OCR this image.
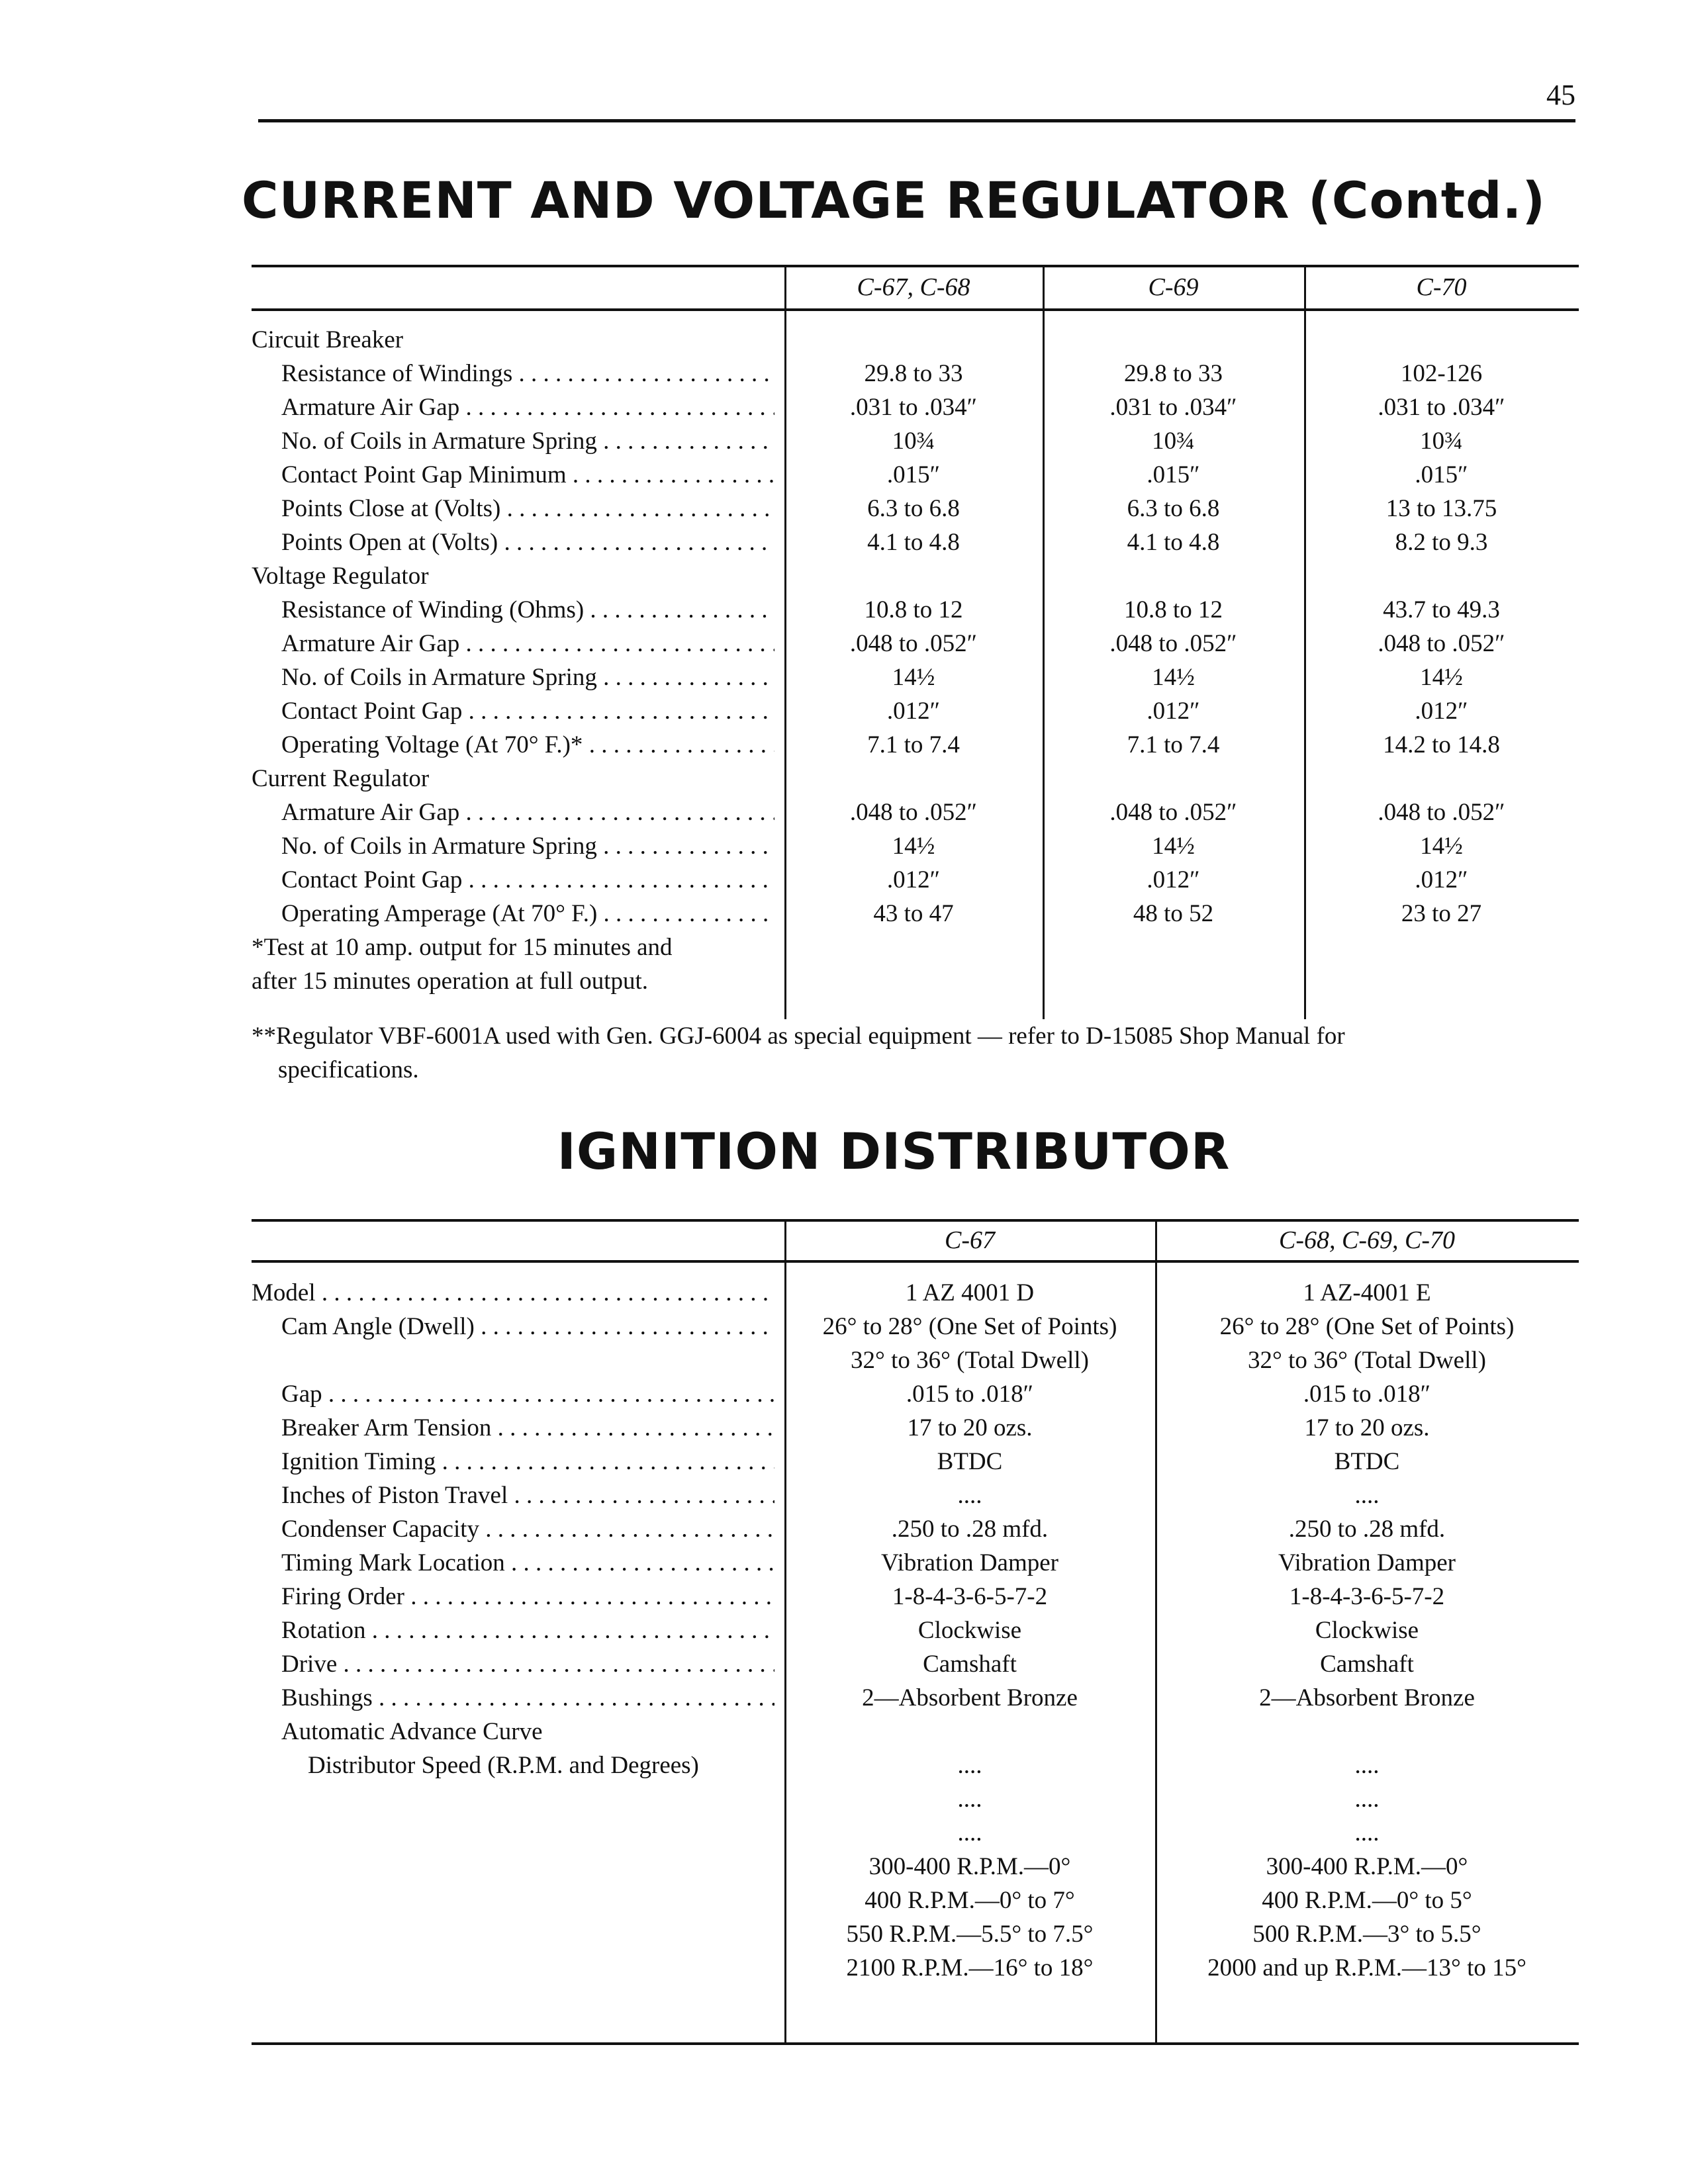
45
CURRENT AND VOLTAGE REGULATOR (Contd.)
C-67, C-68	C-69	C-70
Circuit Breaker
Resistance of Windings . . .	29.8 to 33	29.8 to 33	102-126
Armature Air Gap . . .	.031 to .034″	.031 to .034″	.031 to .034″
No. of Coils in Armature Spring . . .	10¾	10¾	10¾
Contact Point Gap Minimum . . .	.015″	.015″	.015″
Points Close at (Volts) . . .	6.3 to 6.8	6.3 to 6.8	13 to 13.75
Points Open at (Volts) . . .	4.1 to 4.8	4.1 to 4.8	8.2 to 9.3
Voltage Regulator
Resistance of Winding (Ohms) . . .	10.8 to 12	10.8 to 12	43.7 to 49.3
Armature Air Gap . . .	.048 to .052″	.048 to .052″	.048 to .052″
No. of Coils in Armature Spring . . .	14½	14½	14½
Contact Point Gap . . .	.012″	.012″	.012″
Operating Voltage (At 70° F.)* . . .	7.1 to 7.4	7.1 to 7.4	14.2 to 14.8
Current Regulator
Armature Air Gap . . .	.048 to .052″	.048 to .052″	.048 to .052″
No. of Coils in Armature Spring . . .	14½	14½	14½
Contact Point Gap . . .	.012″	.012″	.012″
Operating Amperage (At 70° F.) . . .	43 to 47	48 to 52	23 to 27
*Test at 10 amp. output for 15 minutes and
after 15 minutes operation at full output.
**Regulator VBF-6001A used with Gen. GGJ-6004 as special equipment — refer to D-15085 Shop Manual for
specifications.
IGNITION DISTRIBUTOR
C-67	C-68, C-69, C-70
Model . . .	1 AZ 4001 D	1 AZ-4001 E
Cam Angle (Dwell) . . .	26° to 28° (One Set of Points)	26° to 28° (One Set of Points)
32° to 36° (Total Dwell)	32° to 36° (Total Dwell)
Gap . . .	.015 to .018″	.015 to .018″
Breaker Arm Tension . . .	17 to 20 ozs.	17 to 20 ozs.
Ignition Timing . . .	BTDC	BTDC
Inches of Piston Travel . . .	....	....
Condenser Capacity . . .	.250 to .28 mfd.	.250 to .28 mfd.
Timing Mark Location . . .	Vibration Damper	Vibration Damper
Firing Order . . .	1-8-4-3-6-5-7-2	1-8-4-3-6-5-7-2
Rotation . . .	Clockwise	Clockwise
Drive . . .	Camshaft	Camshaft
Bushings . . .	2—Absorbent Bronze	2—Absorbent Bronze
Automatic Advance Curve
Distributor Speed (R.P.M. and Degrees)	....	....
....	....
....	....
300-400 R.P.M.—0°	300-400 R.P.M.—0°
400 R.P.M.—0° to 7°	400 R.P.M.—0° to 5°
550 R.P.M.—5.5° to 7.5°	500 R.P.M.—3° to 5.5°
2100 R.P.M.—16° to 18°	2000 and up R.P.M.—13° to 15°
